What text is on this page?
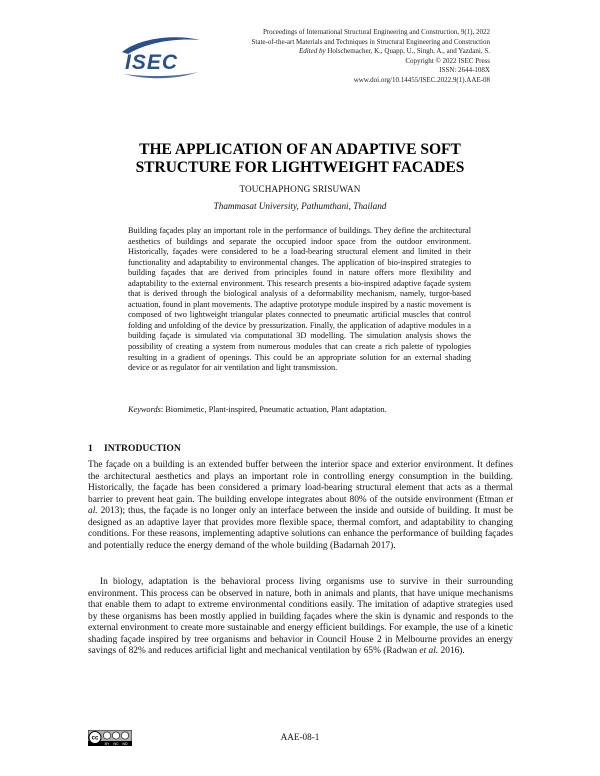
ISEC
Proceedings of International Structural Engineering and Construction, 9(1), 2022
State-of-the-art Materials and Techniques in Structural Engineering and Construction
Edited by Holschemacher, K., Quapp, U., Singh, A., and Yazdani, S.
Copyright © 2022 ISEC Press
ISSN: 2644-108X
www.doi.org/10.14455/ISEC.2022.9(1).AAE-08
THE APPLICATION OF AN ADAPTIVE SOFT
STRUCTURE FOR LIGHTWEIGHT FACADES
TOUCHAPHONG SRISUWAN
Thammasat University, Pathumthani, Thailand

Building façades play an important role in the performance of buildings. They define the architectural aesthetics of buildings and separate the occupied indoor space from the outdoor environment. Historically, façades were considered to be a load-bearing structural element and limited in their functionality and adaptability to environmental changes. The application of bio-inspired strategies to building façades that are derived from principles found in nature offers more flexibility and adaptability to the external environment. This research presents a bio-inspired adaptive façade system that is derived through the biological analysis of a deformability mechanism, namely, turgor-based actuation, found in plant movements. The adaptive prototype module inspired by a nastic movement is composed of two lightweight triangular plates connected to pneumatic artificial muscles that control folding and unfolding of the device by pressurization. Finally, the application of adaptive modules in a building façade is simulated via computational 3D modelling. The simulation analysis shows the possibility of creating a system from numerous modules that can create a rich palette of typologies resulting in a gradient of openings. This could be an appropriate solution for an external shading device or as regulator for air ventilation and light transmission.

Keywords: Biomimetic, Plant-inspired, Pneumatic actuation, Plant adaptation.

1 INTRODUCTION

The façade on a building is an extended buffer between the interior space and exterior environment. It defines the architectural aesthetics and plays an important role in controlling energy consumption in the building. Historically, the façade has been considered a primary load-bearing structural element that acts as a thermal barrier to prevent heat gain. The building envelope integrates about 80% of the outside environment (Etman et al. 2013); thus, the façade is no longer only an interface between the inside and outside of building. It must be designed as an adaptive layer that provides more flexible space, thermal comfort, and adaptability to changing conditions. For these reasons, implementing adaptive solutions can enhance the performance of building façades and potentially reduce the energy demand of the whole building (Badarnah 2017).

In biology, adaptation is the behavioral process living organisms use to survive in their surrounding environment. This process can be observed in nature, both in animals and plants, that have unique mechanisms that enable them to adapt to extreme environmental conditions easily. The imitation of adaptive strategies used by these organisms has been mostly applied in building façades where the skin is dynamic and responds to the external environment to create more sustainable and energy efficient buildings. For example, the use of a kinetic shading façade inspired by tree organisms and behavior in Council House 2 in Melbourne provides an energy savings of 82% and reduces artificial light and mechanical ventilation by 65% (Radwan et al. 2016).

cc
BY NC ND
AAE-08-1
